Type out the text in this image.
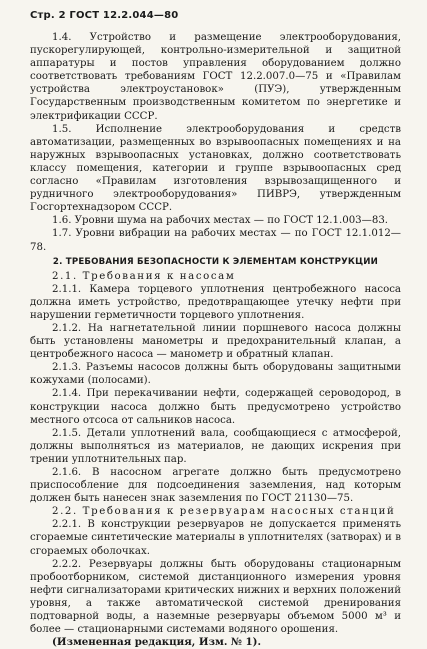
Стр. 2 ГОСТ 12.2.044—80

1.4. Устройство и размещение электрооборудования, пускорегулирующей, контрольно-измерительной и защитной аппаратуры и постов управления оборудованием должно соответствовать требованиям ГОСТ 12.2.007.0—75 и «Правилам устройства электроустановок» (ПУЭ), утвержденным Государственным производственным комитетом по энергетике и электрификации СССР.

1.5. Исполнение электрооборудования и средств автоматизации, размещенных во взрывоопасных помещениях и на наружных взрывоопасных установках, должно соответствовать классу помещения, категории и группе взрывоопасных сред согласно «Правилам изготовления взрывозащищенного и рудничного электрооборудования» ПИВРЭ, утвержденным Госгортехнадзором СССР.

1.6. Уровни шума на рабочих местах — по ГОСТ 12.1.003—83.

1.7. Уровни вибрации на рабочих местах — по ГОСТ 12.1.012—78.

2. ТРЕБОВАНИЯ БЕЗОПАСНОСТИ К ЭЛЕМЕНТАМ КОНСТРУКЦИИ

2.1. Требования к насосам

2.1.1. Камера торцевого уплотнения центробежного насоса должна иметь устройство, предотвращающее утечку нефти при нарушении герметичности торцевого уплотнения.

2.1.2. На нагнетательной линии поршневого насоса должны быть установлены манометры и предохранительный клапан, а центробежного насоса — манометр и обратный клапан.

2.1.3. Разъемы насосов должны быть оборудованы защитными кожухами (полосами).

2.1.4. При перекачивании нефти, содержащей сероводород, в конструкции насоса должно быть предусмотрено устройство местного отсоса от сальников насоса.

2.1.5. Детали уплотнений вала, сообщающиеся с атмосферой, должны выполняться из материалов, не дающих искрения при трении уплотнительных пар.

2.1.6. В насосном агрегате должно быть предусмотрено приспособление для подсоединения заземления, над которым должен быть нанесен знак заземления по ГОСТ 21130—75.

2.2. Требования к резервуарам насосных станций

2.2.1. В конструкции резервуаров не допускается применять сгораемые синтетические материалы в уплотнителях (затворах) и в сгораемых оболочках.

2.2.2. Резервуары должны быть оборудованы стационарным пробоотборником, системой дистанционного измерения уровня нефти сигнализаторами критических нижних и верхних положений уровня, а также автоматической системой дренирования подтоварной воды, а наземные резервуары объемом 5000 м³ и более — стационарными системами водяного орошения.

(Измененная редакция, Изм. № 1).
